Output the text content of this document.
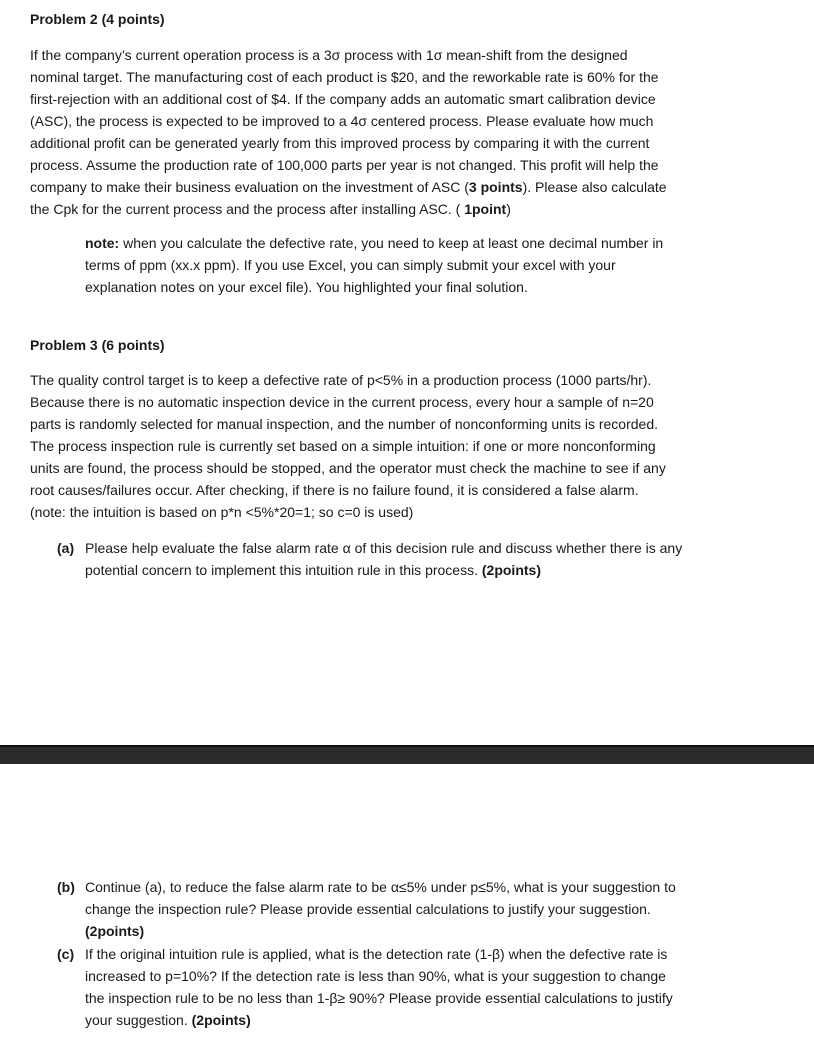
Problem 2 (4 points)
If the company’s current operation process is a 3σ process with 1σ mean-shift from the designed
nominal target. The manufacturing cost of each product is $20, and the reworkable rate is 60% for the
first-rejection with an additional cost of $4. If the company adds an automatic smart calibration device
(ASC), the process is expected to be improved to a 4σ centered process. Please evaluate how much
additional profit can be generated yearly from this improved process by comparing it with the current
process. Assume the production rate of 100,000 parts per year is not changed. This profit will help the
company to make their business evaluation on the investment of ASC (3 points). Please also calculate
the Cpk for the current process and the process after installing ASC. ( 1point)
note: when you calculate the defective rate, you need to keep at least one decimal number in
terms of ppm (xx.x ppm). If you use Excel, you can simply submit your excel with your
explanation notes on your excel file). You highlighted your final solution.
Problem 3 (6 points)
The quality control target is to keep a defective rate of p<5% in a production process (1000 parts/hr).
Because there is no automatic inspection device in the current process, every hour a sample of n=20
parts is randomly selected for manual inspection, and the number of nonconforming units is recorded.
The process inspection rule is currently set based on a simple intuition: if one or more nonconforming
units are found, the process should be stopped, and the operator must check the machine to see if any
root causes/failures occur. After checking, if there is no failure found, it is considered a false alarm.
(note: the intuition is based on p*n <5%*20=1; so c=0 is used)
(a) Please help evaluate the false alarm rate α of this decision rule and discuss whether there is any
potential concern to implement this intuition rule in this process. (2points)
(b) Continue (a), to reduce the false alarm rate to be α≤5% under p≤5%, what is your suggestion to
change the inspection rule? Please provide essential calculations to justify your suggestion.
(2points)
(c) If the original intuition rule is applied, what is the detection rate (1-β) when the defective rate is
increased to p=10%? If the detection rate is less than 90%, what is your suggestion to change
the inspection rule to be no less than 1-β≥ 90%? Please provide essential calculations to justify
your suggestion. (2points)
